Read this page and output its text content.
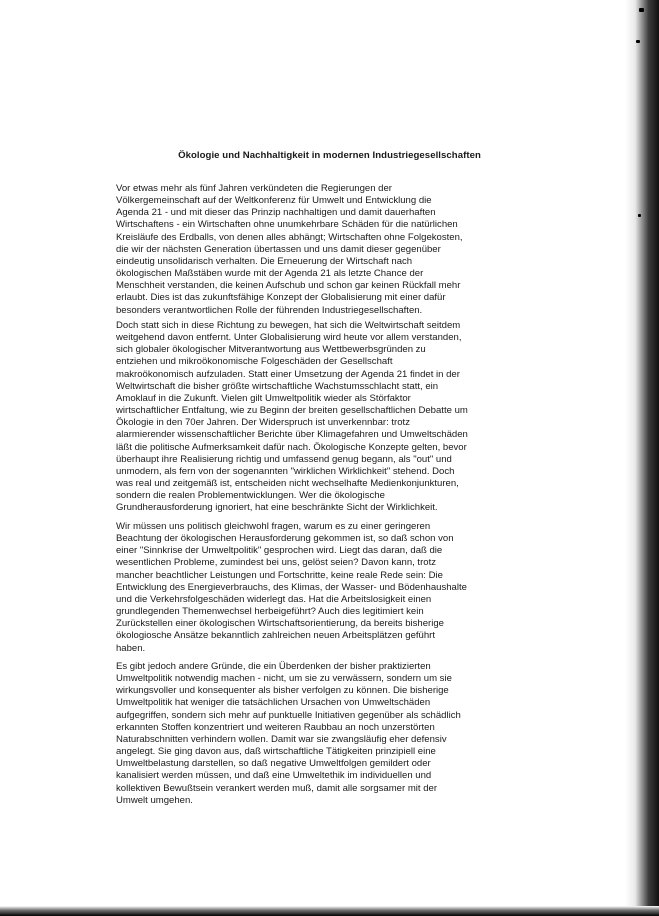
Ökologie und Nachhaltigkeit in modernen Industriegesellschaften
Vor etwas mehr als fünf Jahren verkündeten die Regierungen der
Völkergemeinschaft auf der Weltkonferenz für Umwelt und Entwicklung die
Agenda 21 - und mit dieser das Prinzip nachhaltigen und damit dauerhaften
Wirtschaftens - ein Wirtschaften ohne unumkehrbare Schäden für die natürlichen
Kreisläufe des Erdballs, von denen alles abhängt; Wirtschaften ohne Folgekosten,
die wir der nächsten Generation übertassen und uns damit dieser gegenüber
eindeutig unsolidarisch verhalten. Die Erneuerung der Wirtschaft nach
ökologischen Maßstäben wurde mit der Agenda 21 als letzte Chance der
Menschheit verstanden, die keinen Aufschub und schon gar keinen Rückfall mehr
erlaubt. Dies ist das zukunftsfähige Konzept der Globalisierung mit einer dafür
besonders verantwortlichen Rolle der führenden Industriegesellschaften.
Doch statt sich in diese Richtung zu bewegen, hat sich die Weltwirtschaft seitdem
weitgehend davon entfernt. Unter Globalisierung wird heute vor allem verstanden,
sich globaler ökologischer Mitverantwortung aus Wettbewerbsgründen zu
entziehen und mikroökonomische Folgeschäden der Gesellschaft
makroökonomisch aufzuladen. Statt einer Umsetzung der Agenda 21 findet in der
Weltwirtschaft die bisher größte wirtschaftliche Wachstumsschlacht statt, ein
Amoklauf in die Zukunft. Vielen gilt Umweltpolitik wieder als Störfaktor
wirtschaftlicher Entfaltung, wie zu Beginn der breiten gesellschaftlichen Debatte um
Ökologie in den 70er Jahren. Der Widerspruch ist unverkennbar: trotz
alarmierender wissenschaftlicher Berichte über Klimagefahren und Umweltschäden
läßt die politische Aufmerksamkeit dafür nach. Ökologische Konzepte gelten, bevor
überhaupt ihre Realisierung richtig und umfassend genug begann, als "out" und
unmodern, als fern von der sogenannten "wirklichen Wirklichkeit" stehend. Doch
was real und zeitgemäß ist, entscheiden nicht wechselhafte Medienkonjunkturen,
sondern die realen Problementwicklungen. Wer die ökologische
Grundherausforderung ignoriert, hat eine beschränkte Sicht der Wirklichkeit.
Wir müssen uns politisch gleichwohl fragen, warum es zu einer geringeren
Beachtung der ökologischen Herausforderung gekommen ist, so daß schon von
einer "Sinnkrise der Umweltpolitik" gesprochen wird. Liegt das daran, daß die
wesentlichen Probleme, zumindest bei uns, gelöst seien? Davon kann, trotz
mancher beachtlicher Leistungen und Fortschritte, keine reale Rede sein: Die
Entwicklung des Energieverbrauchs, des Klimas, der Wasser- und Bödenhaushalte
und die Verkehrsfolgeschäden widerlegt das. Hat die Arbeitslosigkeit einen
grundlegenden Themenwechsel herbeigeführt? Auch dies legitimiert kein
Zurückstellen einer ökologischen Wirtschaftsorientierung, da bereits bisherige
ökologiosche Ansätze bekanntlich zahlreichen neuen Arbeitsplätzen geführt
haben.
Es gibt jedoch andere Gründe, die ein Überdenken der bisher praktizierten
Umweltpolitik notwendig machen - nicht, um sie zu verwässern, sondern um sie
wirkungsvoller und konsequenter als bisher verfolgen zu können. Die bisherige
Umweltpolitik hat weniger die tatsächlichen Ursachen von Umweltschäden
aufgegriffen, sondern sich mehr auf punktuelle Initiativen gegenüber als schädlich
erkannten Stoffen konzentriert und weiteren Raubbau an noch unzerstörten
Naturabschnitten verhindern wollen. Damit war sie zwangsläufig eher defensiv
angelegt. Sie ging davon aus, daß wirtschaftliche Tätigkeiten prinzipiell eine
Umweltbelastung darstellen, so daß negative Umweltfolgen gemildert oder
kanalisiert werden müssen, und daß eine Umweltethik im individuellen und
kollektiven Bewußtsein verankert werden muß, damit alle sorgsamer mit der
Umwelt umgehen.
